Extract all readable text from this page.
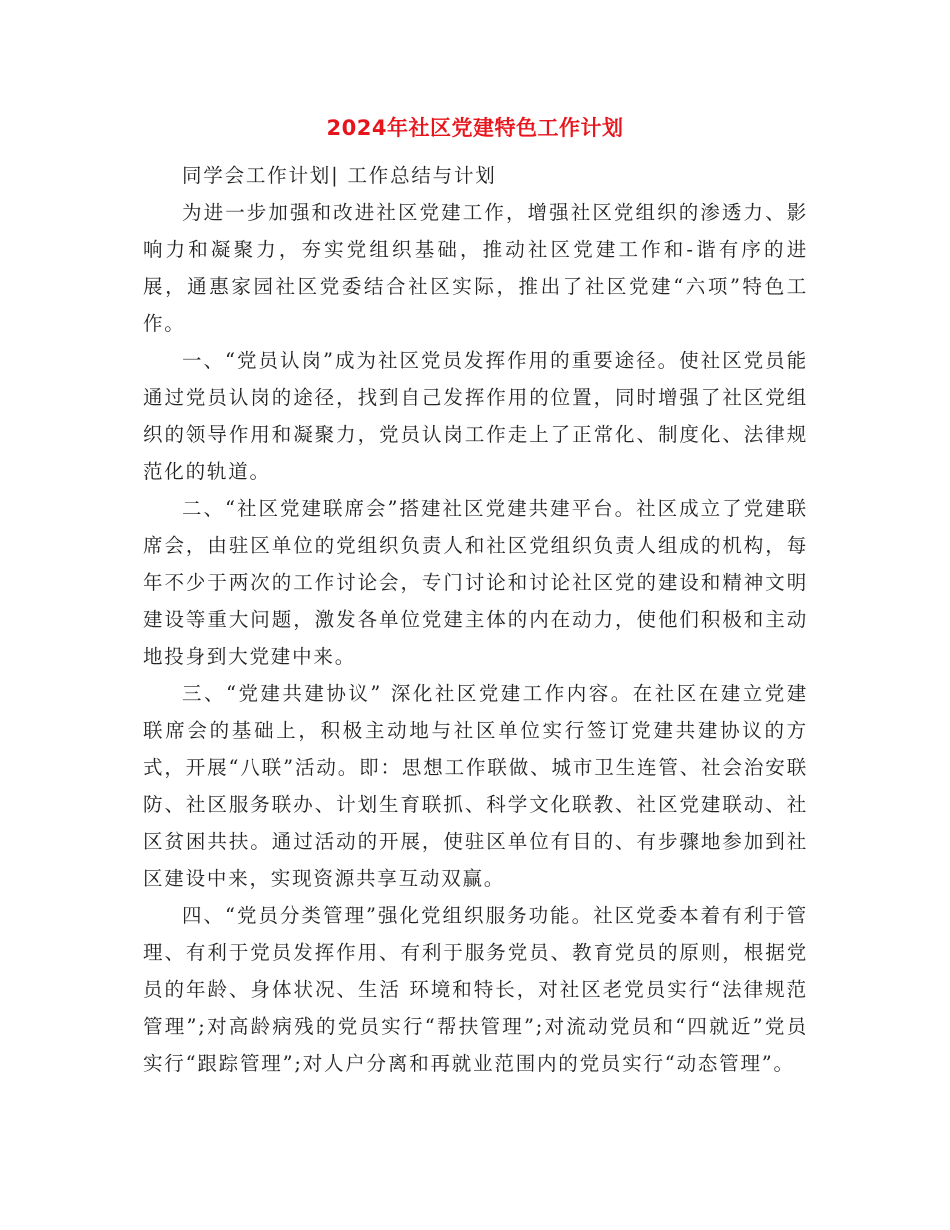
2024年社区党建特色工作计划

同学会工作计划| 工作总结与计划

为进一步加强和改进社区党建工作，增强社区党组织的渗透力、影响力和凝聚力，夯实党组织基础，推动社区党建工作和-谐有序的进展，通惠家园社区党委结合社区实际，推出了社区党建“六项”特色工作。

一、“党员认岗”成为社区党员发挥作用的重要途径。使社区党员能通过党员认岗的途径，找到自己发挥作用的位置，同时增强了社区党组织的领导作用和凝聚力，党员认岗工作走上了正常化、制度化、法律规范化的轨道。

二、“社区党建联席会”搭建社区党建共建平台。社区成立了党建联席会，由驻区单位的党组织负责人和社区党组织负责人组成的机构，每年不少于两次的工作讨论会，专门讨论和讨论社区党的建设和精神文明建设等重大问题，激发各单位党建主体的内在动力，使他们积极和主动地投身到大党建中来。

三、“党建共建协议” 深化社区党建工作内容。在社区在建立党建联席会的基础上，积极主动地与社区单位实行签订党建共建协议的方式，开展“八联”活动。即：思想工作联做、城市卫生连管、社会治安联防、社区服务联办、计划生育联抓、科学文化联教、社区党建联动、社区贫困共扶。通过活动的开展，使驻区单位有目的、有步骤地参加到社区建设中来，实现资源共享互动双赢。

四、“党员分类管理”强化党组织服务功能。社区党委本着有利于管理、有利于党员发挥作用、有利于服务党员、教育党员的原则，根据党员的年龄、身体状况、生活 环境和特长，对社区老党员实行“法律规范管理”;对高龄病残的党员实行“帮扶管理”;对流动党员和“四就近”党员实行“跟踪管理”;对人户分离和再就业范围内的党员实行“动态管理”。
